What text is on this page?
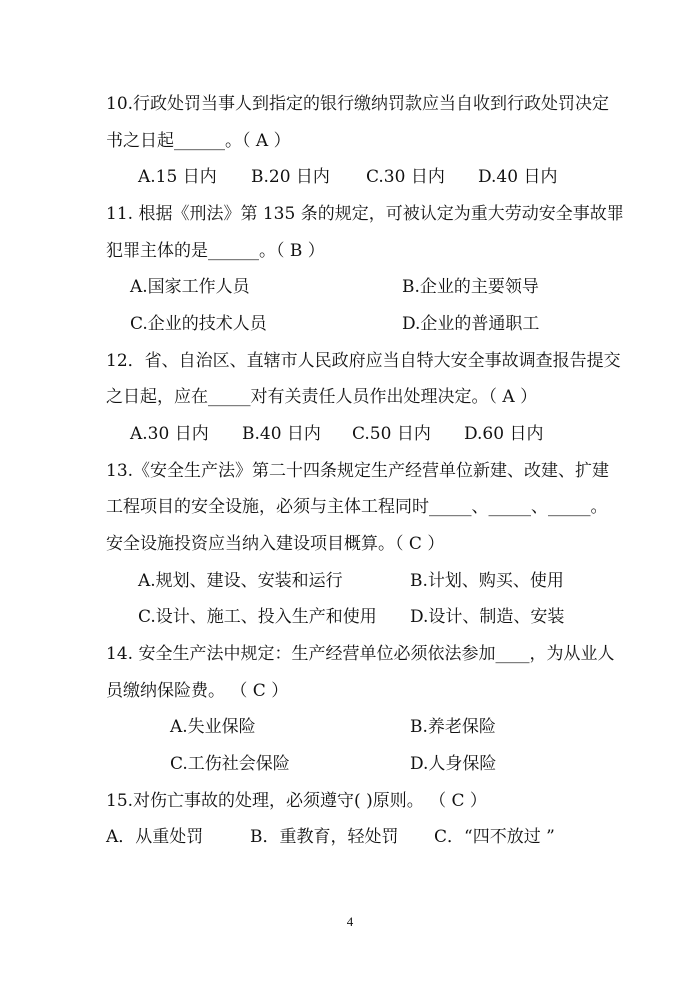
10.行政处罚当事人到指定的银行缴纳罚款应当自收到行政处罚决定
书之日起______。（ A ）
A.15 日内 B.20 日内 C.30 日内 D.40 日内
11. 根据《刑法》第 135 条的规定，可被认定为重大劳动安全事故罪
犯罪主体的是______。（ B ）
A.国家工作人员	B.企业的主要领导
C.企业的技术人员	D.企业的普通职工
12．省、自治区、直辖市人民政府应当自特大安全事故调查报告提交
之日起，应在_____对有关责任人员作出处理决定。（ A ）
A.30 日内 B.40 日内 C.50 日内 D.60 日内
13.《安全生产法》第二十四条规定生产经营单位新建、改建、扩建
工程项目的安全设施，必须与主体工程同时_____、_____、_____。
安全设施投资应当纳入建设项目概算。（ C ）
A.规划、建设、安装和运行	B.计划、购买、使用
C.设计、施工、投入生产和使用 D.设计、制造、安装
14. 安全生产法中规定：生产经营单位必须依法参加____，为从业人
员缴纳保险费。 （ C ）
A.失业保险	B.养老保险
C.工伤社会保险	D.人身保险
15.对伤亡事故的处理，必须遵守( )原则。 （ C ）
A．从重处罚	B．重教育，轻处罚 C．“四不放过 ”
4
